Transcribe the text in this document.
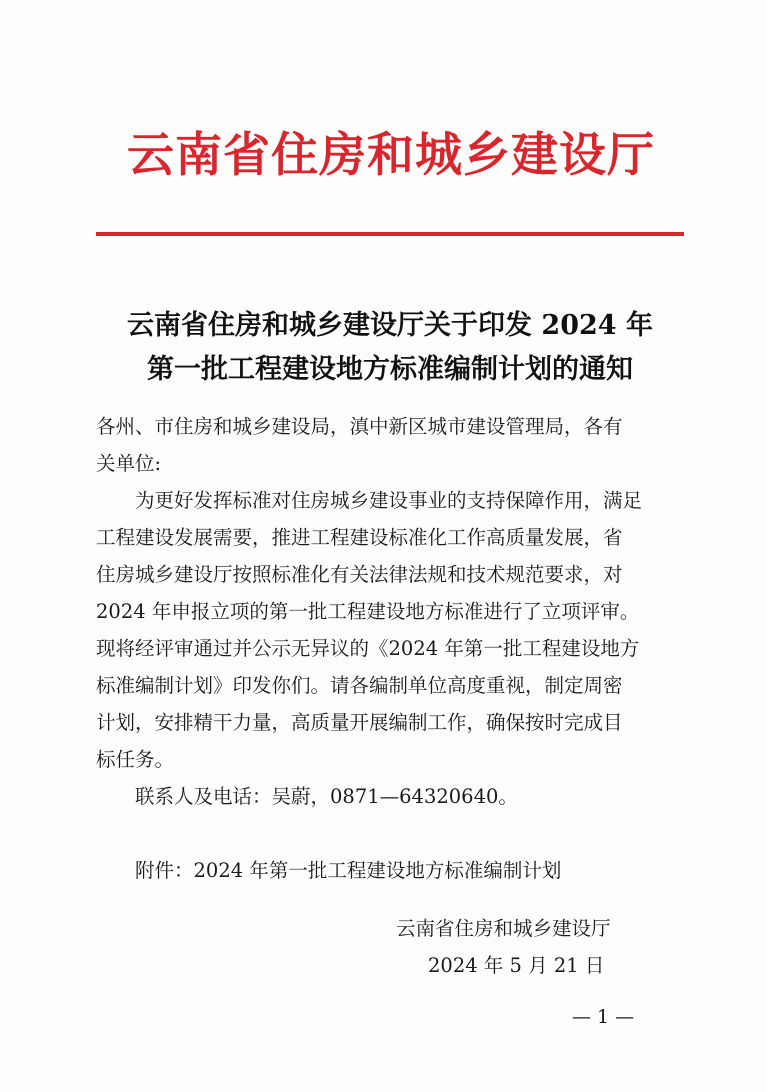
云南省住房和城乡建设厅
云南省住房和城乡建设厅关于印发 2024 年
第一批工程建设地方标准编制计划的通知
各州、市住房和城乡建设局，滇中新区城市建设管理局，各有
关单位:
为更好发挥标准对住房城乡建设事业的支持保障作用，满足
工程建设发展需要，推进工程建设标准化工作高质量发展，省
住房城乡建设厅按照标准化有关法律法规和技术规范要求，对
2024 年申报立项的第一批工程建设地方标准进行了立项评审。
现将经评审通过并公示无异议的《2024 年第一批工程建设地方
标准编制计划》印发你们。请各编制单位高度重视，制定周密
计划，安排精干力量，高质量开展编制工作，确保按时完成目
标任务。
联系人及电话：吴蔚，0871—64320640。
附件：2024 年第一批工程建设地方标准编制计划
云南省住房和城乡建设厅
2024 年 5 月 21 日
— 1 —
